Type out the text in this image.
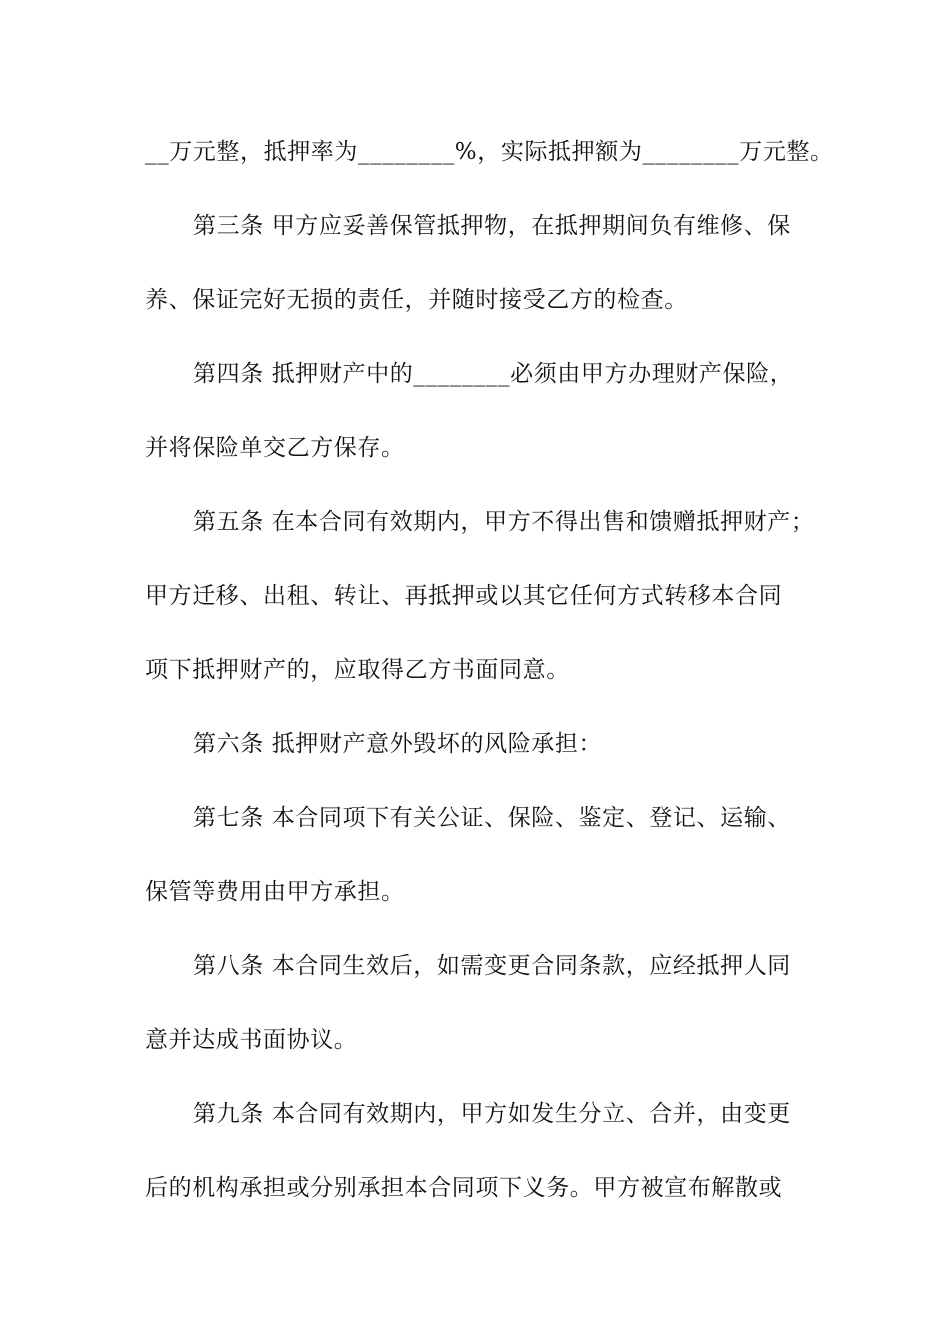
__万元整，抵押率为________%，实际抵押额为________万元整。
第三条 甲方应妥善保管抵押物，在抵押期间负有维修、保
养、保证完好无损的责任，并随时接受乙方的检查。
第四条 抵押财产中的________必须由甲方办理财产保险，
并将保险单交乙方保存。
第五条 在本合同有效期内，甲方不得出售和馈赠抵押财产；
甲方迁移、出租、转让、再抵押或以其它任何方式转移本合同
项下抵押财产的，应取得乙方书面同意。
第六条 抵押财产意外毁坏的风险承担：
第七条 本合同项下有关公证、保险、鉴定、登记、运输、
保管等费用由甲方承担。
第八条 本合同生效后，如需变更合同条款，应经抵押人同
意并达成书面协议。
第九条 本合同有效期内，甲方如发生分立、合并，由变更
后的机构承担或分别承担本合同项下义务。甲方被宣布解散或
